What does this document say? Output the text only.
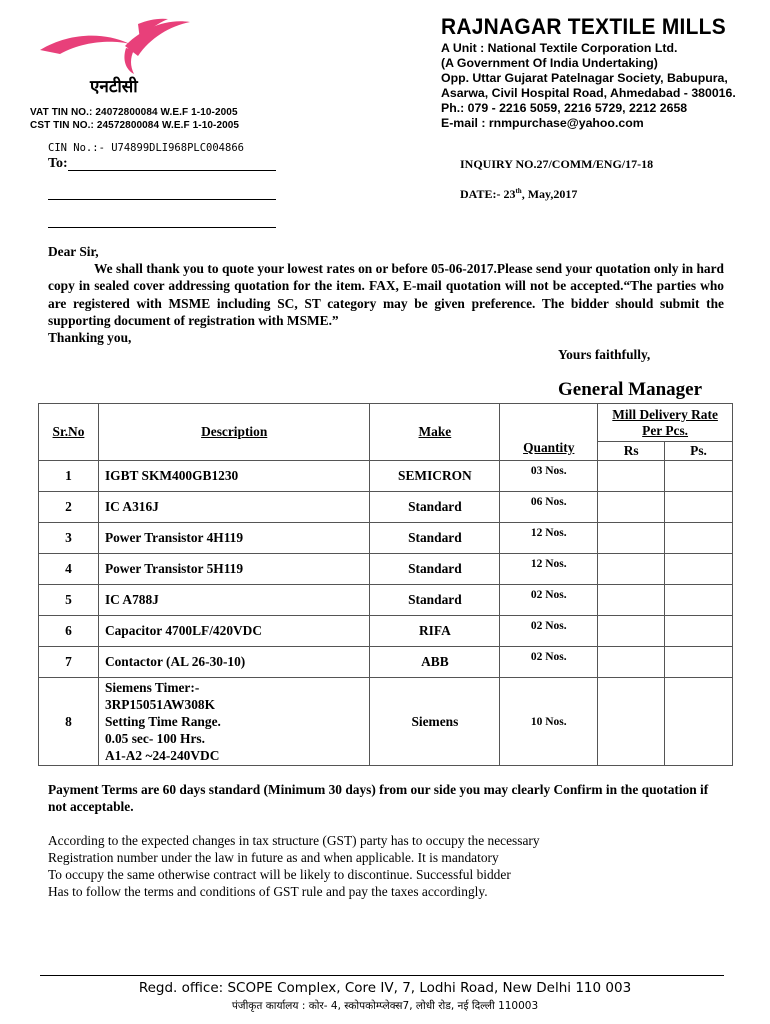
एनटीसी
VAT TIN NO.: 24072800084 W.E.F 1-10-2005
CST TIN NO.: 24572800084 W.E.F 1-10-2005
RAJNAGAR TEXTILE MILLS
A Unit : National Textile Corporation Ltd.
(A Government Of India Undertaking)
Opp. Uttar Gujarat Patelnagar Society, Babupura,
Asarwa, Civil Hospital Road, Ahmedabad - 380016.
Ph.: 079 - 2216 5059, 2216 5729, 2212 2658
E-mail : rnmpurchase@yahoo.com
CIN No.:- U74899DLI968PLC004866
To:	INQUIRY NO.27/COMM/ENG/17-18
DATE:- 23th, May,2017

Dear Sir,

We shall thank you to quote your lowest rates on or before 05-06-2017.Please send your quotation only in hard copy in sealed cover addressing quotation for the item. FAX, E-mail quotation will not be accepted.“The parties who are registered with MSME including SC, ST category may be given preference. The bidder should submit the supporting document of registration with MSME.”

Thanking you,

Yours faithfully,
General Manager
Sr.No	Description	Make	Quantity	Mill Delivery Rate Per Pcs.	
				Rs	Ps.
1	IGBT SKM400GB1230	SEMICRON	03 Nos.		
2	IC A316J	Standard	06 Nos.		
3	Power Transistor 4H119	Standard	12 Nos.		
4	Power Transistor 5H119	Standard	12 Nos.		
5	IC A788J	Standard	02 Nos.		
6	Capacitor 4700LF/420VDC	RIFA	02 Nos.		
7	Contactor (AL 26-30-10)	ABB	02 Nos.		
8	Siemens Timer:-
3RP15051AW308K
Setting Time Range.
0.05 sec- 100 Hrs.
A1-A2 ~24-240VDC	Siemens	10 Nos.		
Payment Terms are 60 days standard (Minimum 30 days) from our side you may clearly Confirm in the quotation if not acceptable.
According to the expected changes in tax structure (GST) party has to occupy the necessary
Registration number under the law in future as and when applicable. It is mandatory
To occupy the same otherwise contract will be likely to discontinue. Successful bidder
Has to follow the terms and conditions of GST rule and pay the taxes accordingly.
Regd. office: SCOPE Complex, Core IV, 7, Lodhi Road, New Delhi 110 003
पंजीकृत कार्यालय : कोर- 4, स्कोपकोम्प्लेक्स7, लोधी रोड, नई दिल्ली 110003
